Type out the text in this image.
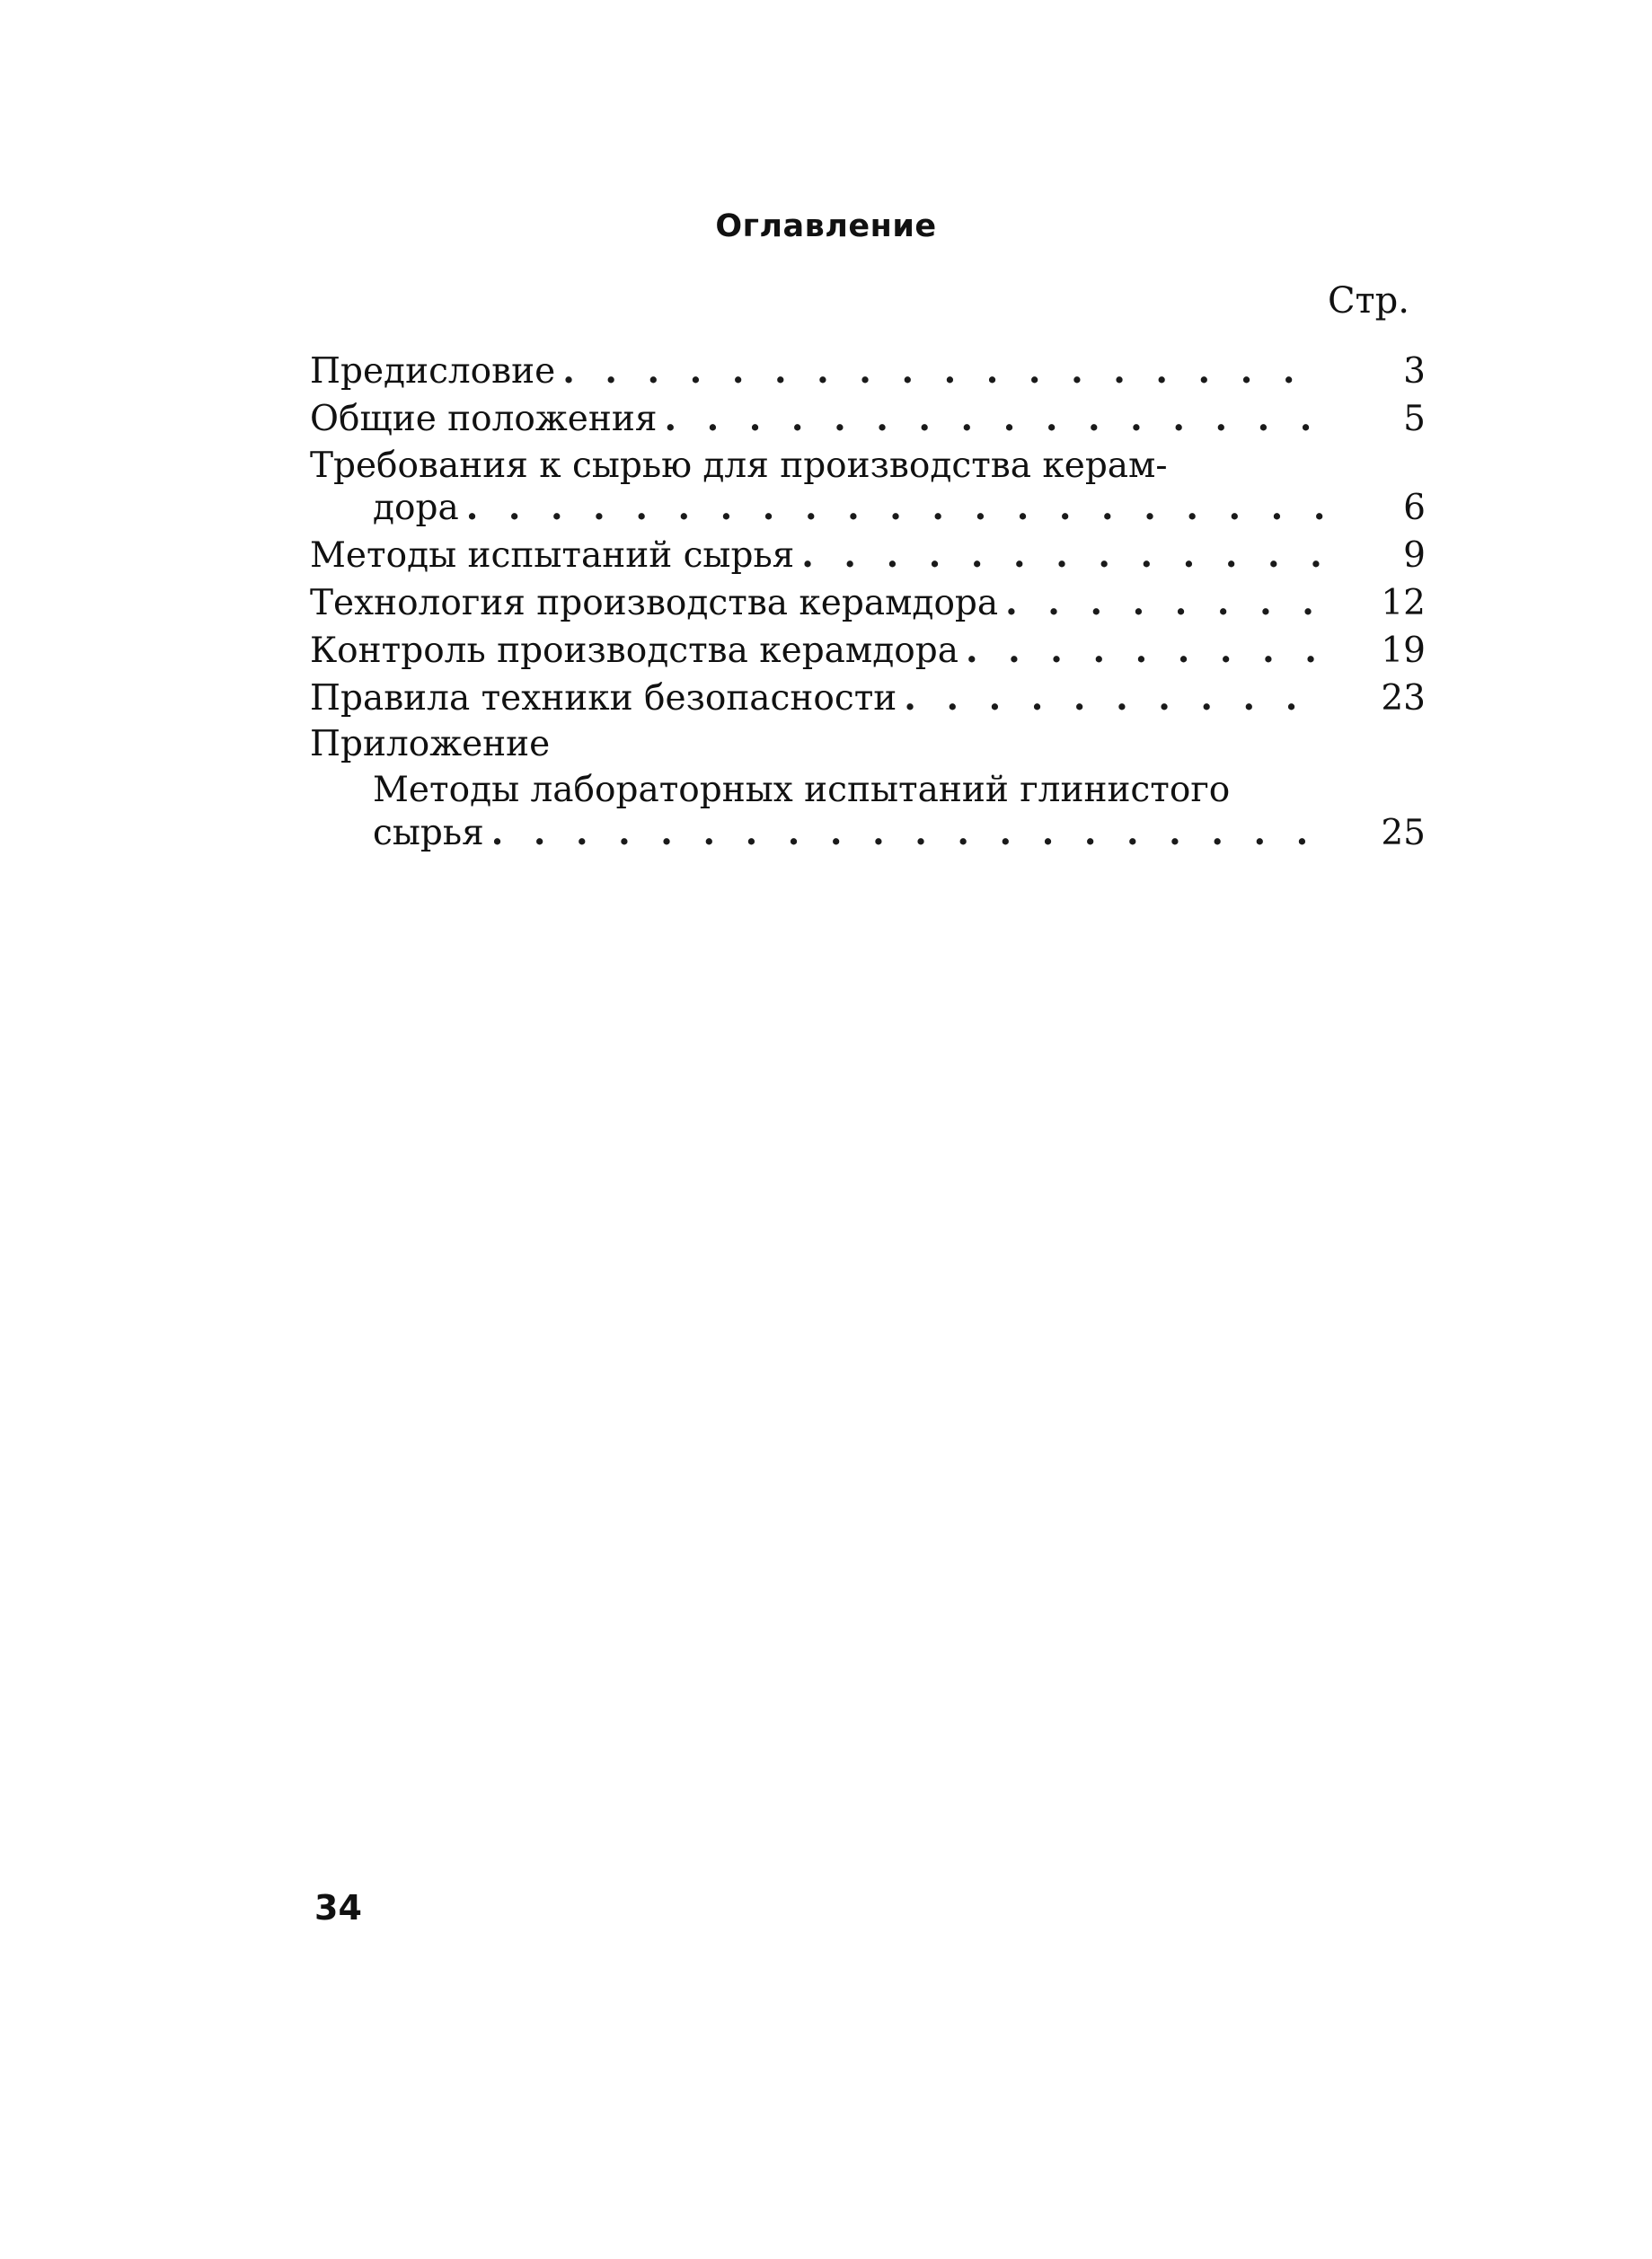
Оглавление
Стр.
Предисловие . . .	3
Общие положения . . .	5
Требования к сырью для производства керам-
дора . . .	6
Методы испытаний сырья . . .	9
Технология производства керамдора . . .	12
Контроль производства керамдора . . .	19
Правила техники безопасности . . .	23
Приложение
Методы лабораторных испытаний глинистого
сырья . . .	25
34
